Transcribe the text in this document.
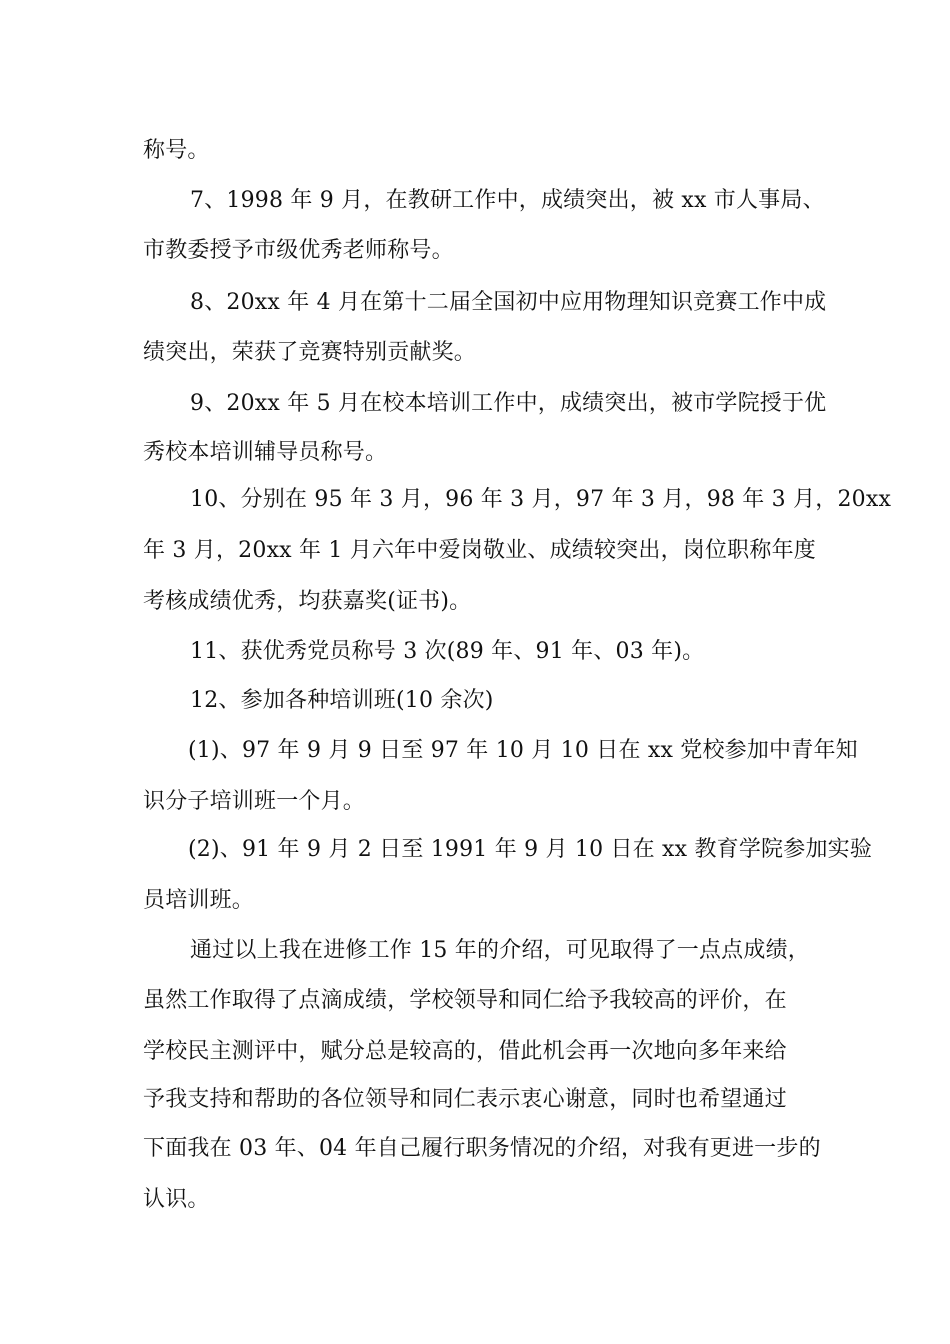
称号。
7、1998 年 9 月，在教研工作中，成绩突出，被 xx 市人事局、
市教委授予市级优秀老师称号。
8、20xx 年 4 月在第十二届全国初中应用物理知识竞赛工作中成
绩突出，荣获了竞赛特别贡献奖。
9、20xx 年 5 月在校本培训工作中，成绩突出，被市学院授于优
秀校本培训辅导员称号。
10、分别在 95 年 3 月，96 年 3 月，97 年 3 月，98 年 3 月，20xx
年 3 月，20xx 年 1 月六年中爱岗敬业、成绩较突出，岗位职称年度
考核成绩优秀，均获嘉奖(证书)。
11、获优秀党员称号 3 次(89 年、91 年、03 年)。
12、参加各种培训班(10 余次)
(1)、97 年 9 月 9 日至 97 年 10 月 10 日在 xx 党校参加中青年知
识分子培训班一个月。
(2)、91 年 9 月 2 日至 1991 年 9 月 10 日在 xx 教育学院参加实验
员培训班。
通过以上我在进修工作 15 年的介绍，可见取得了一点点成绩，
虽然工作取得了点滴成绩，学校领导和同仁给予我较高的评价，在
学校民主测评中，赋分总是较高的，借此机会再一次地向多年来给
予我支持和帮助的各位领导和同仁表示衷心谢意，同时也希望通过
下面我在 03 年、04 年自己履行职务情况的介绍，对我有更进一步的
认识。
